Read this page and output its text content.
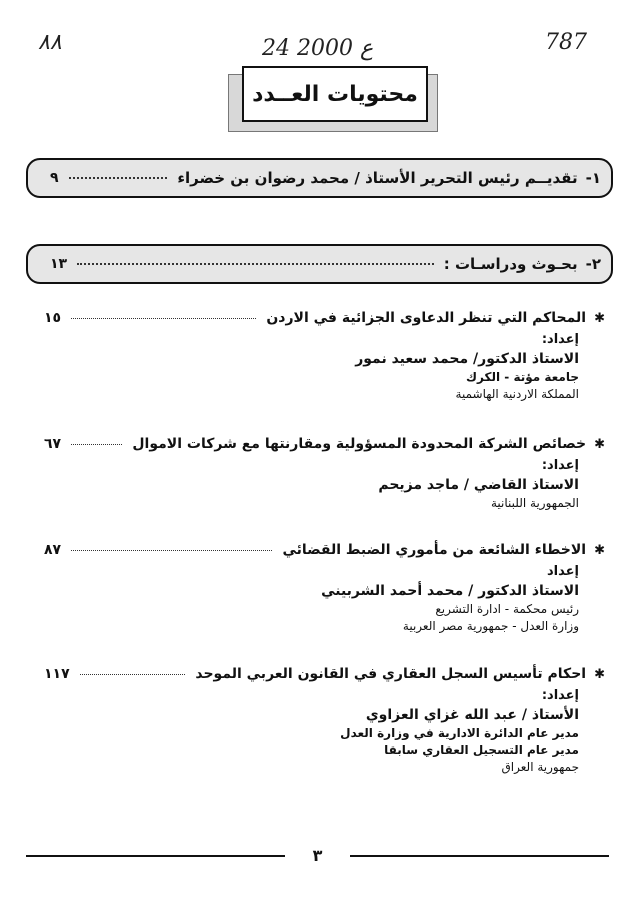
٨٨	24 ع 2000	787
محتويات العــدد
١-
تقديــم رئيس التحرير الأستاذ / محمد رضوان بن خضراء
٩
٢-
بحـوث ودراسـات :
١٣
✱
المحاكم التي تنظر الدعاوى الجزائية في الاردن
١٥
إعداد:
الاستاذ الدكتور/ محمد سعيد نمور
جامعة مؤتة - الكرك
المملكة الاردنية الهاشمية
✱
خصائص الشركة المحدودة المسؤولية ومقارنتها مع شركات الاموال
٦٧
إعداد:
الاستاذ القاضي / ماجد مزيحم
الجمهورية اللبنانية
✱
الاخطاء الشائعة من مأموري الضبط القضائي
٨٧
إعداد
الاستاذ الدكتور / محمد أحمد الشربيني
رئيس محكمة - ادارة التشريع
وزارة العدل - جمهورية مصر العربية
✱
احكام تأسيس السجل العقاري في القانون العربي الموحد
١١٧
إعداد:
الأستاذ / عبد الله غزاي العزاوي
مدير عام الدائرة الادارية في وزارة العدل
مدير عام التسجيل العقاري سابقا
جمهورية العراق
٣
